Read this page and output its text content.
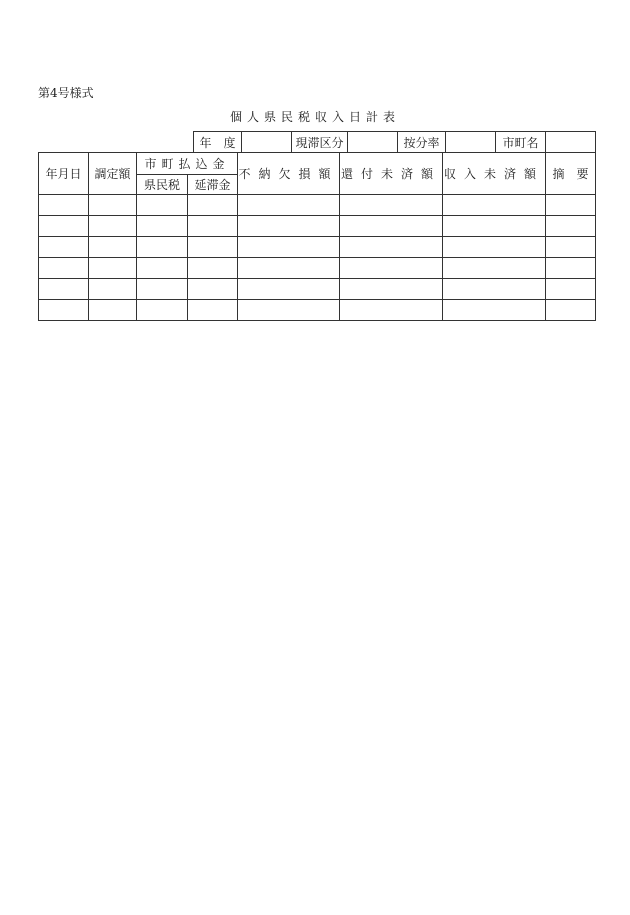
第4号様式
個人県民税収入日計表
年　度		現滞区分		按分率		市町名	
年月日	調定額	市町払込金		不納欠損額	還付未済額	収入未済額	摘　要
		県民税	延滞金				
